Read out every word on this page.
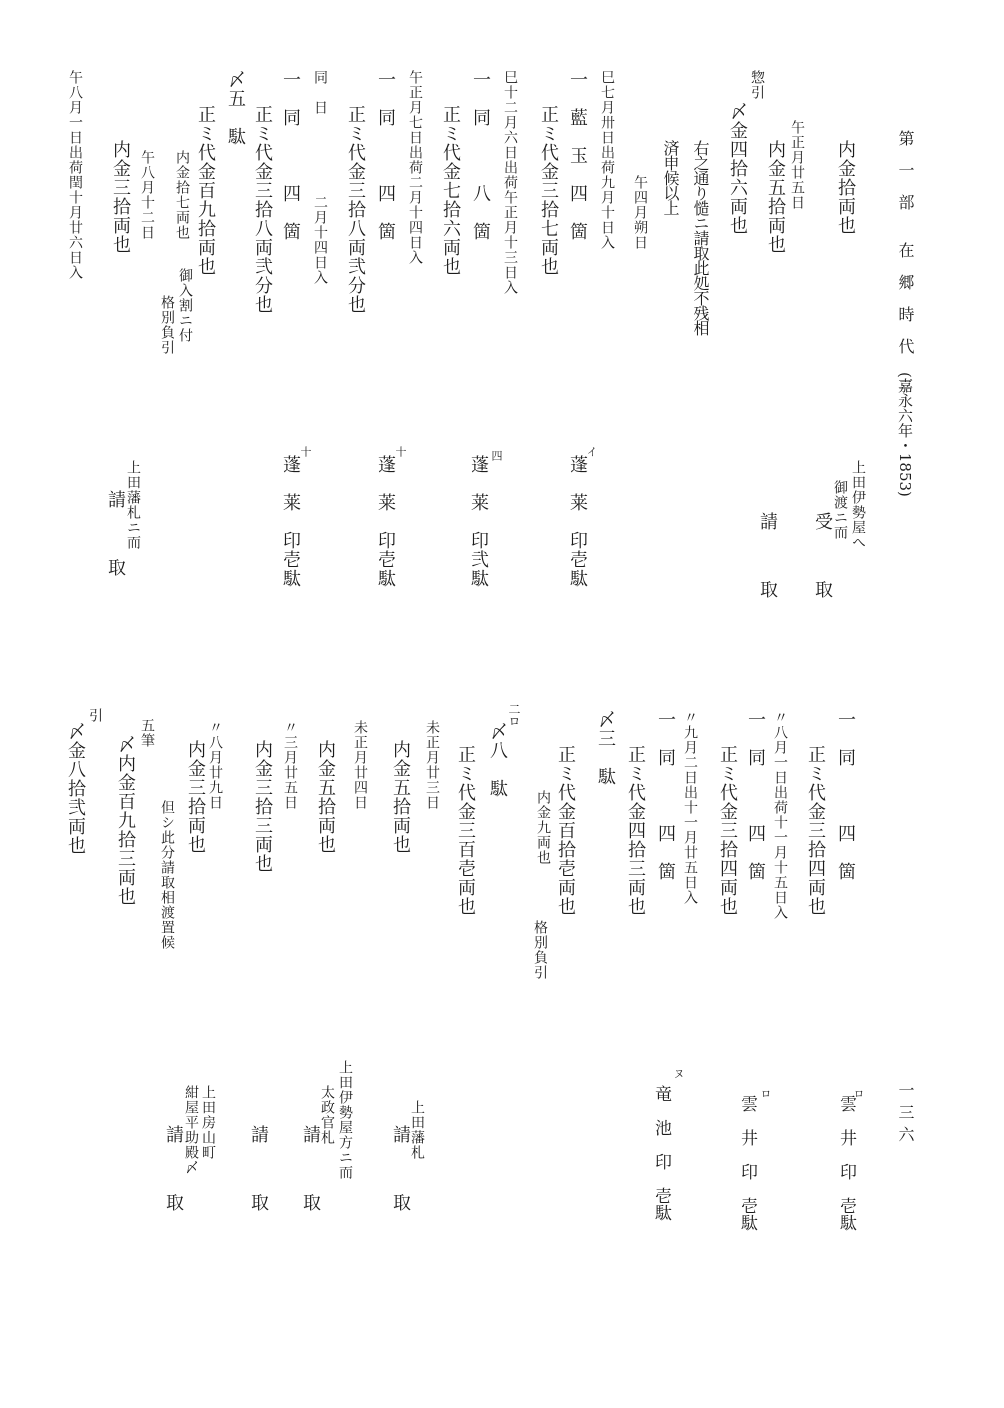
第一部
在郷時代
(嘉永六年・1853)
一三六
内金拾両也
上田伊勢屋へ
御渡ニ而
受　取
午正月廿五日
内金五拾両也
請　取
惣引
〆金四拾六両也
右之通り慥ニ請取此処不残相
済申候以上
午四月朔日
巳七月卅日出荷九月十日入
一　藍　玉　四　箇
イ
蓬　莱　印壱駄
正ミ代金三拾七両也
巳十二月六日出荷午正月十三日入
一　同　　　八　箇
四
蓬　莱　印弐駄
正ミ代金七拾六両也
午正月七日出荷二月十四日入
一　同　　　四　箇
十
蓬　莱　印壱駄
正ミ代金三拾八両弐分也
同　日
二月十四日入
一　同　　　四　箇
十
蓬　莱　印壱駄
正ミ代金三拾八両弐分也
〆五　駄
正ミ代金百九拾両也
内金拾七両也
御入割ニ付
格別負引
午八月十二日
内金三拾両也
上田藩札ニ而
請　取
午八月一日出荷閏十月廿六日入
一　同　　　四　箇
正ミ代金三拾四両也
ロ
雲　井　印　壱駄
〃八月一日出荷十一月十五日入
一　同　　　四　箇
ロ
雲　井　印　壱駄
正ミ代金三拾四両也
〃九月二日出十一月廿五日入
一　同　　　四　箇
ヌ
竜　池　印　壱駄
正ミ代金四拾三両也
〆三　駄
正ミ代金百拾壱両也
内金九両也
格別負引
二ロ
〆八　駄
正ミ代金三百壱両也
未正月廿三日
内金五拾両也
上田藩札
請　取
未正月廿四日
内金五拾両也
上田伊勢屋方ニ而
太政官札
請　取
〃三月廿五日
内金三拾三両也
請　取
〃八月廿九日
内金三拾両也
但シ此分請取相渡置候
上田房山町
紺屋平助殿〆
請　取
五筆
〆内金百九拾三両也
引
〆金八拾弐両也
